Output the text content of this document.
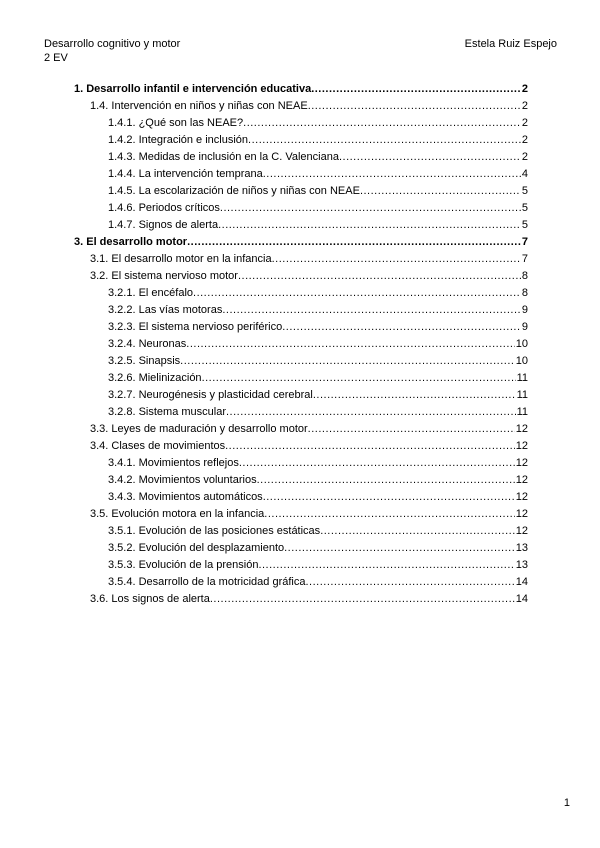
Desarrollo cognitivo y motor	Estela Ruiz Espejo
2 EV
1. Desarrollo infantil e intervención educativa .....	2
1.4. Intervención en niños y niñas con NEAE .....	2
1.4.1. ¿Qué son las NEAE? .....	2
1.4.2. Integración e inclusión .....	2
1.4.3. Medidas de inclusión en la C. Valenciana .....	2
1.4.4. La intervención temprana .....	4
1.4.5. La escolarización de niños y niñas con NEAE .....	5
1.4.6. Periodos críticos .....	5
1.4.7. Signos de alerta .....	5
3. El desarrollo motor .....	7
3.1. El desarrollo motor en la infancia .....	7
3.2. El sistema nervioso motor .....	8
3.2.1. El encéfalo .....	8
3.2.2. Las vías motoras .....	9
3.2.3. El sistema nervioso periférico .....	9
3.2.4. Neuronas .....	10
3.2.5. Sinapsis .....	10
3.2.6. Mielinización .....	11
3.2.7. Neurogénesis y plasticidad cerebral .....	11
3.2.8. Sistema muscular .....	11
3.3. Leyes de maduración y desarrollo motor .....	12
3.4. Clases de movimientos .....	12
3.4.1. Movimientos reflejos .....	12
3.4.2. Movimientos voluntarios .....	12
3.4.3. Movimientos automáticos .....	12
3.5. Evolución motora en la infancia .....	12
3.5.1. Evolución de las posiciones estáticas .....	12
3.5.2. Evolución del desplazamiento .....	13
3.5.3. Evolución de la prensión .....	13
3.5.4. Desarrollo de la motricidad gráfica .....	14
3.6. Los signos de alerta .....	14
1
